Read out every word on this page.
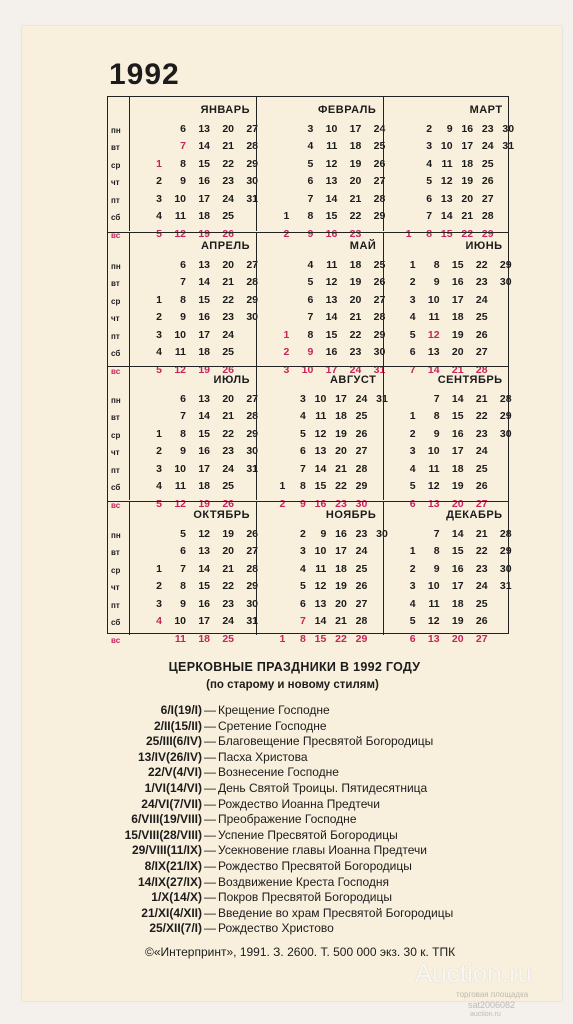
1992
пн
вт
ср
чт
пт
сб
вс
ЯНВАРЬ
1
2
3
4
5
6
7
8
9
10
11
12
13
14
15
16
17
18
19
20
21
22
23
24
25
26
27
28
29
30
31
ФЕВРАЛЬ
1
2
3
4
5
6
7
8
9
10
11
12
13
14
15
16
17
18
19
20
21
22
23
24
25
26
27
28
29
МАРТ
1
2
3
4
5
6
7
8
9
10
11
12
13
14
15
16
17
18
19
20
21
22
23
24
25
26
27
28
29
30
31
пн
вт
ср
чт
пт
сб
вс
АПРЕЛЬ
1
2
3
4
5
6
7
8
9
10
11
12
13
14
15
16
17
18
19
20
21
22
23
24
25
26
27
28
29
30
МАЙ
1
2
3
4
5
6
7
8
9
10
11
12
13
14
15
16
17
18
19
20
21
22
23
24
25
26
27
28
29
30
31
ИЮНЬ
1
2
3
4
5
6
7
8
9
10
11
12
13
14
15
16
17
18
19
20
21
22
23
24
25
26
27
28
29
30
пн
вт
ср
чт
пт
сб
вс
ИЮЛЬ
1
2
3
4
5
6
7
8
9
10
11
12
13
14
15
16
17
18
19
20
21
22
23
24
25
26
27
28
29
30
31
АВГУСТ
1
2
3
4
5
6
7
8
9
10
11
12
13
14
15
16
17
18
19
20
21
22
23
24
25
26
27
28
29
30
31
СЕНТЯБРЬ
1
2
3
4
5
6
7
8
9
10
11
12
13
14
15
16
17
18
19
20
21
22
23
24
25
26
27
28
29
30
пн
вт
ср
чт
пт
сб
вс
ОКТЯБРЬ
1
2
3
4
5
6
7
8
9
10
11
12
13
14
15
16
17
18
19
20
21
22
23
24
25
26
27
28
29
30
31
НОЯБРЬ
1
2
3
4
5
6
7
8
9
10
11
12
13
14
15
16
17
18
19
20
21
22
23
24
25
26
27
28
29
30
ДЕКАБРЬ
1
2
3
4
5
6
7
8
9
10
11
12
13
14
15
16
17
18
19
20
21
22
23
24
25
26
27
28
29
30
31
ЦЕРКОВНЫЕ ПРАЗДНИКИ В 1992 ГОДУ
(по старому и новому стилям)
6/I(19/I) — Крещение Господне
2/II(15/II) — Сретение Господне
25/III(6/IV) — Благовещение Пресвятой Богородицы
13/IV(26/IV) — Пасха Христова
22/V(4/VI) — Вознесение Господне
1/VI(14/VI) — День Святой Троицы. Пятидесятница
24/VI(7/VII) — Рождество Иоанна Предтечи
6/VIII(19/VIII) — Преображение Господне
15/VIII(28/VIII) — Успение Пресвятой Богородицы
29/VIII(11/IX) — Усекновение главы Иоанна Предтечи
8/IX(21/IX) — Рождество Пресвятой Богородицы
14/IX(27/IX) — Воздвижение Креста Господня
1/X(14/X) — Покров Пресвятой Богородицы
21/XI(4/XII) — Введение во храм Пресвятой Богородицы
25/XII(7/I) — Рождество Христово
©«Интерпринт», 1991. З. 2600. Т. 500 000 экз. 30 к. ТПК
Auction.ru
торговая площадка
sat2006082
auction.ru
